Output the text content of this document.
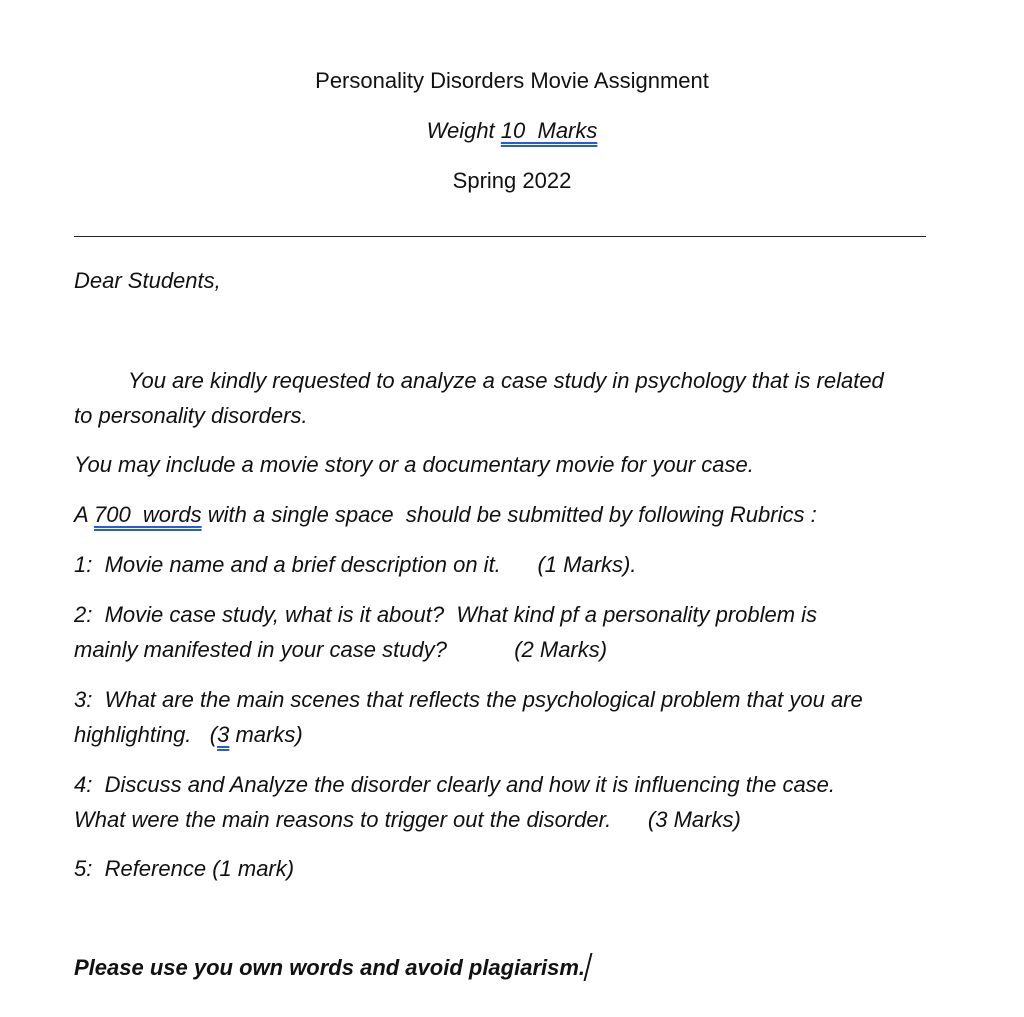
Personality Disorders Movie Assignment
Weight 10  Marks
Spring 2022
Dear Students,
You are kindly requested to analyze a case study in psychology that is related
to personality disorders.
You may include a movie story or a documentary movie for your case.
A 700  words with a single space  should be submitted by following Rubrics :
1:  Movie name and a brief description on it.      (1 Marks).
2:  Movie case study, what is it about?  What kind pf a personality problem is
mainly manifested in your case study?           (2 Marks)
3:  What are the main scenes that reflects the psychological problem that you are
highlighting.   (3 marks)
4:  Discuss and Analyze the disorder clearly and how it is influencing the case.
What were the main reasons to trigger out the disorder.      (3 Marks)
5:  Reference (1 mark)
Please use you own words and avoid plagiarism.
